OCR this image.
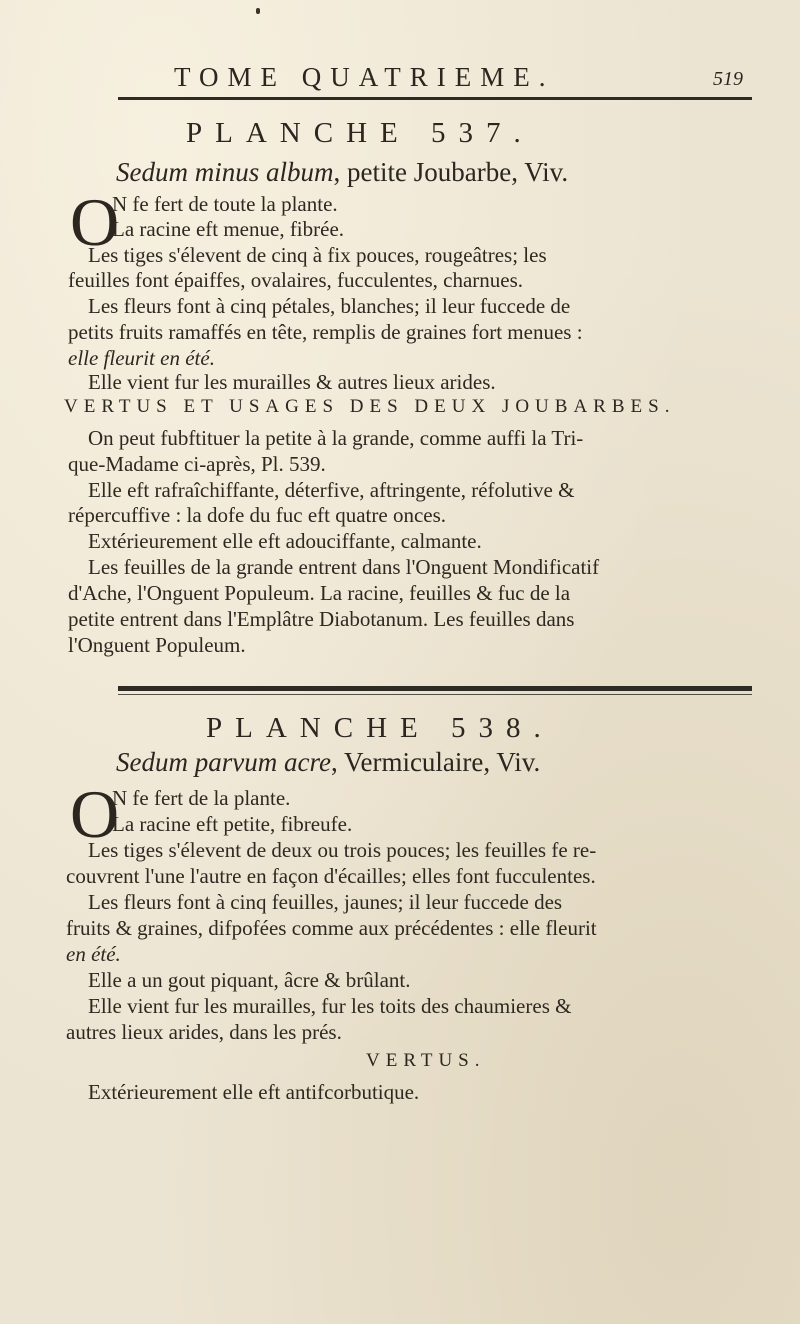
TOME QUATRIEME.	519
PLANCHE 537.
Sedum minus album, petite Joubarbe, Viv.
O
N fe fert de toute la plante.
La racine eft menue, fibrée.
Les tiges s'élevent de cinq à fix pouces, rougeâtres; les
feuilles font épaiffes, ovalaires, fucculentes, charnues.
Les fleurs font à cinq pétales, blanches; il leur fuccede de
petits fruits ramaffés en tête, remplis de graines fort menues :
elle fleurit en été.
Elle vient fur les murailles & autres lieux arides.
VERTUS ET USAGES DES DEUX JOUBARBES.
On peut fubftituer la petite à la grande, comme auffi la Tri-
que-Madame ci-après, Pl. 539.
Elle eft rafraîchiffante, déterfive, aftringente, réfolutive &
répercuffive : la dofe du fuc eft quatre onces.
Extérieurement elle eft adouciffante, calmante.
Les feuilles de la grande entrent dans l'Onguent Mondificatif
d'Ache, l'Onguent Populeum. La racine, feuilles & fuc de la
petite entrent dans l'Emplâtre Diabotanum. Les feuilles dans
l'Onguent Populeum.
PLANCHE 538.
Sedum parvum acre, Vermiculaire, Viv.
O
N fe fert de la plante.
La racine eft petite, fibreufe.
Les tiges s'élevent de deux ou trois pouces; les feuilles fe re-
couvrent l'une l'autre en façon d'écailles; elles font fucculentes.
Les fleurs font à cinq feuilles, jaunes; il leur fuccede des
fruits & graines, difpofées comme aux précédentes : elle fleurit
en été.
Elle a un gout piquant, âcre & brûlant.
Elle vient fur les murailles, fur les toits des chaumieres &
autres lieux arides, dans les prés.
VERTUS.
Extérieurement elle eft antifcorbutique.
